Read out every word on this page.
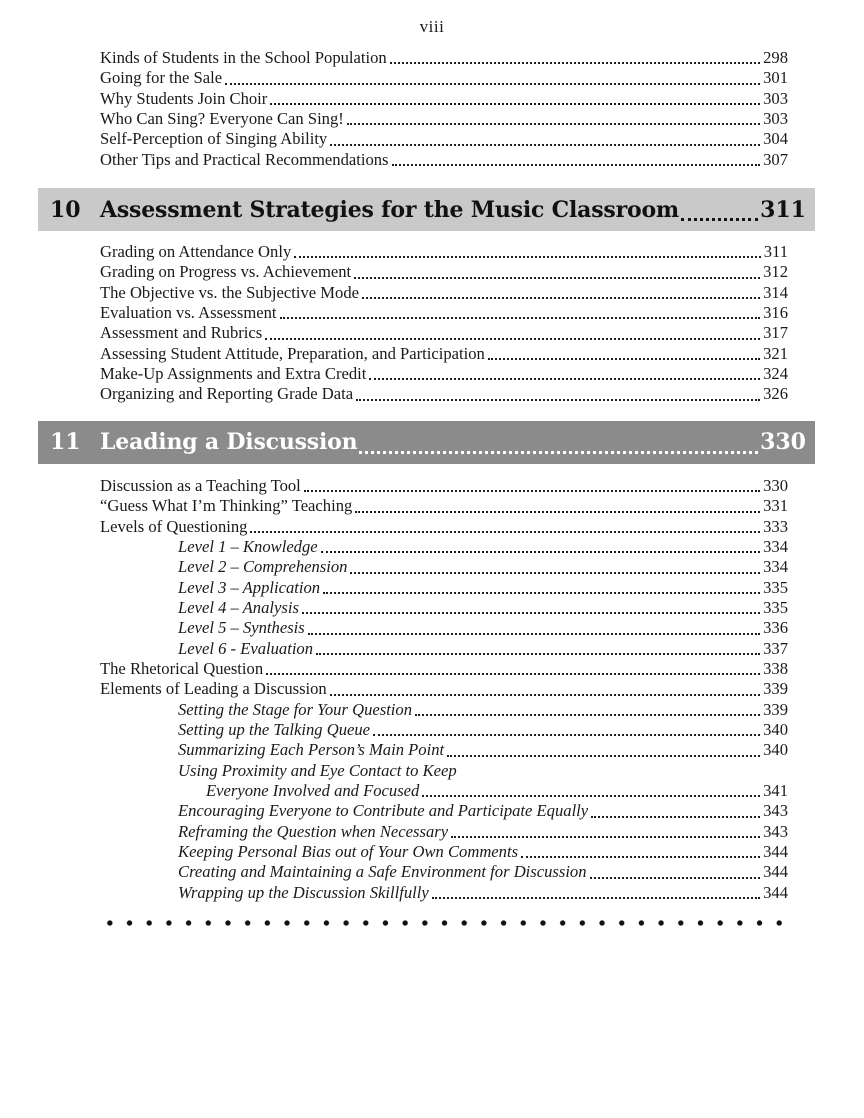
viii
Kinds of Students in the School Population	298
Going for the Sale	301
Why Students Join Choir	303
Who Can Sing? Everyone Can Sing!	303
Self-Perception of Singing Ability	304
Other Tips and Practical Recommendations	307
10 Assessment Strategies for the Music Classroom	311
Grading on Attendance Only	311
Grading on Progress vs. Achievement	312
The Objective vs. the Subjective Mode	314
Evaluation vs. Assessment	316
Assessment and Rubrics	317
Assessing Student Attitude, Preparation, and Participation	321
Make-Up Assignments and Extra Credit	324
Organizing and Reporting Grade Data	326
11 Leading a Discussion	330
Discussion as a Teaching Tool	330
“Guess What I’m Thinking” Teaching	331
Levels of Questioning	333
Level 1 – Knowledge	334
Level 2 – Comprehension	334
Level 3 – Application	335
Level 4 – Analysis	335
Level 5 – Synthesis	336
Level 6 - Evaluation	337
The Rhetorical Question	338
Elements of Leading a Discussion	339
Setting the Stage for Your Question	339
Setting up the Talking Queue	340
Summarizing Each Person’s Main Point	340
Using Proximity and Eye Contact to Keep
Everyone Involved and Focused	341
Encouraging Everyone to Contribute and Participate Equally	343
Reframing the Question when Necessary	343
Keeping Personal Bias out of Your Own Comments	344
Creating and Maintaining a Safe Environment for Discussion	344
Wrapping up the Discussion Skillfully	344
